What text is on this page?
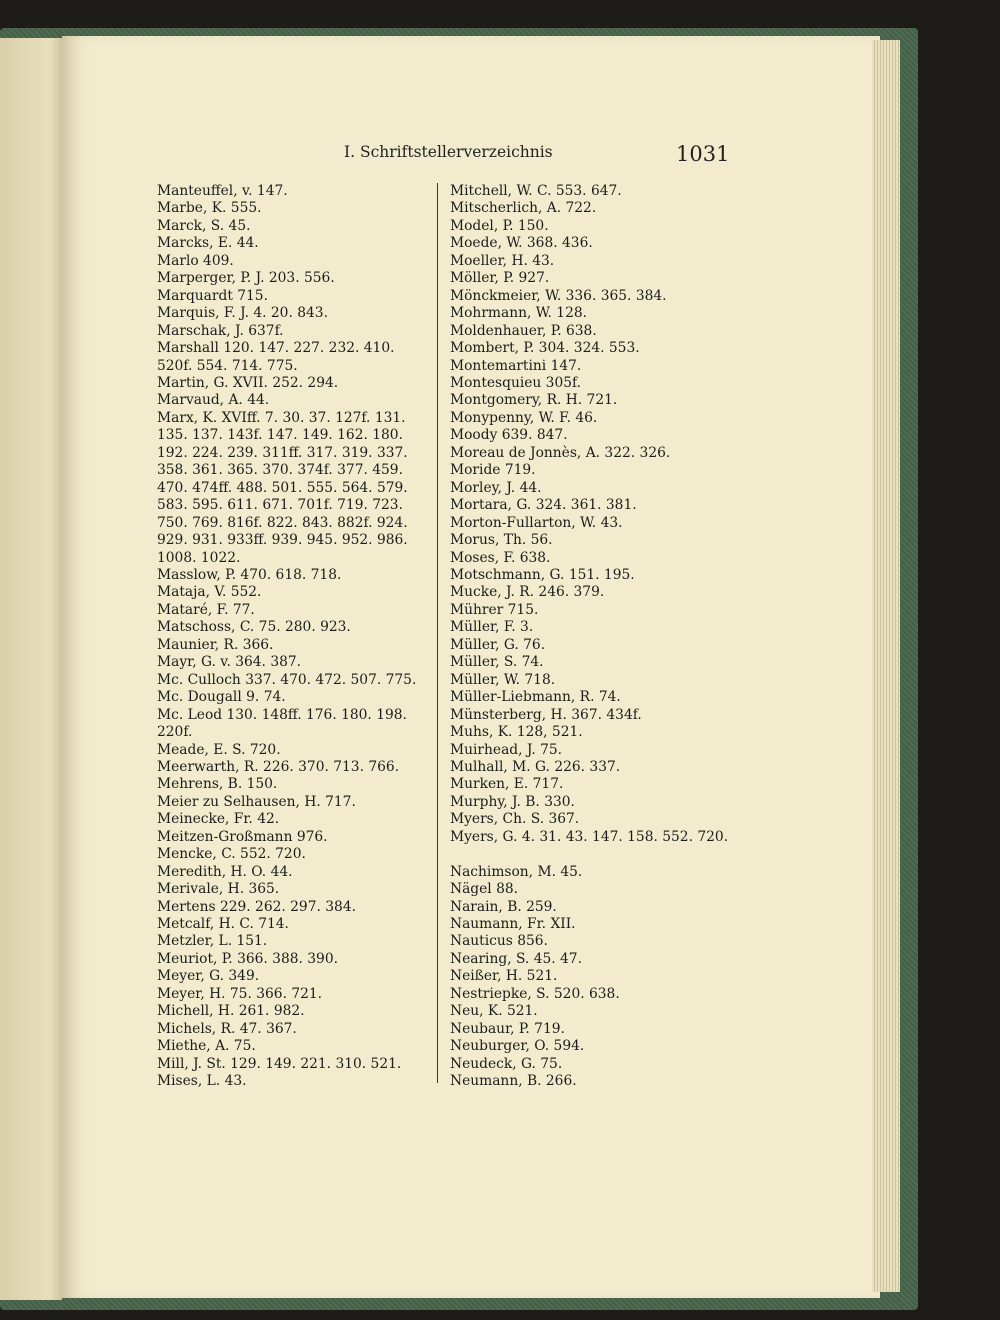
I. Schriftstellerverzeichnis	1031
Manteuffel, v. 147.
Marbe, K. 555.
Marck, S. 45.
Marcks, E. 44.
Marlo 409.
Marperger, P. J. 203. 556.
Marquardt 715.
Marquis, F. J. 4. 20. 843.
Marschak, J. 637f.
Marshall 120. 147. 227. 232. 410.
520f. 554. 714. 775.
Martin, G. XVII. 252. 294.
Marvaud, A. 44.
Marx, K. XVIff. 7. 30. 37. 127f. 131.
135. 137. 143f. 147. 149. 162. 180.
192. 224. 239. 311ff. 317. 319. 337.
358. 361. 365. 370. 374f. 377. 459.
470. 474ff. 488. 501. 555. 564. 579.
583. 595. 611. 671. 701f. 719. 723.
750. 769. 816f. 822. 843. 882f. 924.
929. 931. 933ff. 939. 945. 952. 986.
1008. 1022.
Masslow, P. 470. 618. 718.
Mataja, V. 552.
Mataré, F. 77.
Matschoss, C. 75. 280. 923.
Maunier, R. 366.
Mayr, G. v. 364. 387.
Mc. Culloch 337. 470. 472. 507. 775.
Mc. Dougall 9. 74.
Mc. Leod 130. 148ff. 176. 180. 198.
220f.
Meade, E. S. 720.
Meerwarth, R. 226. 370. 713. 766.
Mehrens, B. 150.
Meier zu Selhausen, H. 717.
Meinecke, Fr. 42.
Meitzen-Großmann 976.
Mencke, C. 552. 720.
Meredith, H. O. 44.
Merivale, H. 365.
Mertens 229. 262. 297. 384.
Metcalf, H. C. 714.
Metzler, L. 151.
Meuriot, P. 366. 388. 390.
Meyer, G. 349.
Meyer, H. 75. 366. 721.
Michell, H. 261. 982.
Michels, R. 47. 367.
Miethe, A. 75.
Mill, J. St. 129. 149. 221. 310. 521.
Mises, L. 43.
Mitchell, W. C. 553. 647.
Mitscherlich, A. 722.
Model, P. 150.
Moede, W. 368. 436.
Moeller, H. 43.
Möller, P. 927.
Mönckmeier, W. 336. 365. 384.
Mohrmann, W. 128.
Moldenhauer, P. 638.
Mombert, P. 304. 324. 553.
Montemartini 147.
Montesquieu 305f.
Montgomery, R. H. 721.
Monypenny, W. F. 46.
Moody 639. 847.
Moreau de Jonnès, A. 322. 326.
Moride 719.
Morley, J. 44.
Mortara, G. 324. 361. 381.
Morton-Fullarton, W. 43.
Morus, Th. 56.
Moses, F. 638.
Motschmann, G. 151. 195.
Mucke, J. R. 246. 379.
Mührer 715.
Müller, F. 3.
Müller, G. 76.
Müller, S. 74.
Müller, W. 718.
Müller-Liebmann, R. 74.
Münsterberg, H. 367. 434f.
Muhs, K. 128, 521.
Muirhead, J. 75.
Mulhall, M. G. 226. 337.
Murken, E. 717.
Murphy, J. B. 330.
Myers, Ch. S. 367.
Myers, G. 4. 31. 43. 147. 158. 552. 720.
Nachimson, M. 45.
Nägel 88.
Narain, B. 259.
Naumann, Fr. XII.
Nauticus 856.
Nearing, S. 45. 47.
Neißer, H. 521.
Nestriepke, S. 520. 638.
Neu, K. 521.
Neubaur, P. 719.
Neuburger, O. 594.
Neudeck, G. 75.
Neumann, B. 266.
